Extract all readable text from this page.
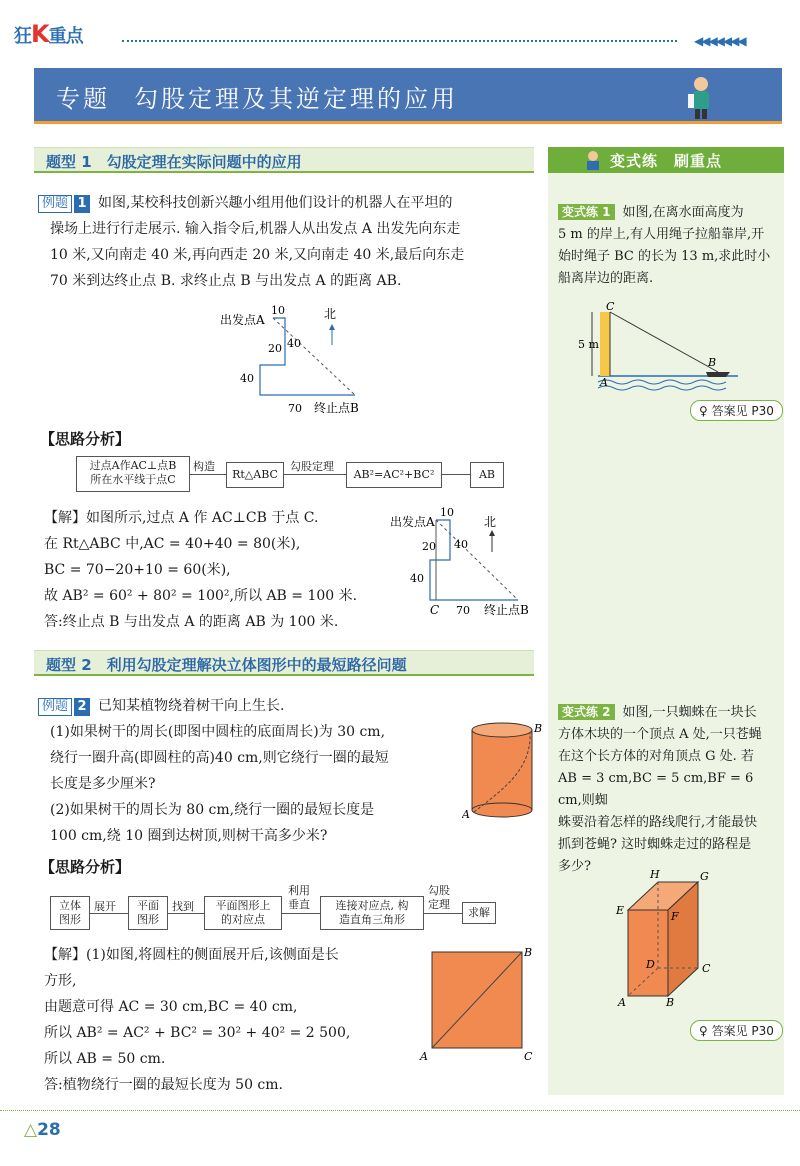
狂K重点	◀◀◀◀◀◀◀
专题 勾股定理及其逆定理的应用
题型 1　勾股定理在实际问题中的应用
例题 1 如图,某校科技创新兴趣小组用他们设计的机器人在平坦的
操场上进行行走展示. 输入指令后,机器人从出发点 A 出发先向东走
10 米,又向南走 40 米,再向西走 20 米,又向南走 40 米,最后向东走
70 米到达终止点 B. 求终止点 B 与出发点 A 的距离 AB.
出发点A	北
终止点B
10
20 40
40
70
【思路分析】
过点A作AC⊥点B
所在水平线于点C
构造
Rt△ABC
勾股定理
AB²=AC²+BC²	AB
【解】如图所示,过点 A 作 AC⊥CB 于点 C.
在 Rt△ABC 中,AC = 40+40 = 80(米),
BC = 70−20+10 = 60(米),
故 AB² = 60² + 80² = 100²,所以 AB = 100 米.
答:终止点 B 与出发点 A 的距离 AB 为 100 米.
出发点A	北
终止点B
C
10
20 40
40
70
题型 2　利用勾股定理解决立体图形中的最短路径问题
例题 2 已知某植物绕着树干向上生长.
(1)如果树干的周长(即图中圆柱的底面周长)为 30 cm,
绕行一圈升高(即圆柱的高)40 cm,则它绕行一圈的最短
长度是多少厘米?
(2)如果树干的周长为 80 cm,绕行一圈的最短长度是
100 cm,绕 10 圈到达树顶,则树干高多少米?
A
B
【思路分析】
立体
图形
展开 平面
图形
找到	平面图形上
的对应点
利用
垂直	连接对应点, 构
造直角三角形
勾股
定理
求解
【解】(1)如图,将圆柱的侧面展开后,该侧面是长
方形,
由题意可得 AC = 30 cm,BC = 40 cm,
所以 AB² = AC² + BC² = 30² + 40² = 2 500,
所以 AB = 50 cm.
答:植物绕行一圈的最短长度为 50 cm.
A
B
C
变式练　刷重点
变式练 1 如图,在离水面高度为
5 m 的岸上,有人用绳子拉船靠岸,开
始时绳子 BC 的长为 13 m,求此时小
船离岸边的距离.
C
A
B
5 m
♀ 答案见 P30
变式练 2 如图,一只蜘蛛在一块长
方体木块的一个顶点 A 处,一只苍蝇
在这个长方体的对角顶点 G 处. 若
AB = 3 cm,BC = 5 cm,BF = 6 cm,则蜘
蛛要沿着怎样的路线爬行,才能最快
抓到苍蝇? 这时蜘蛛走过的路程是
多少?
H	G
E	F
D	C
A	B
♀ 答案见 P30
△28
